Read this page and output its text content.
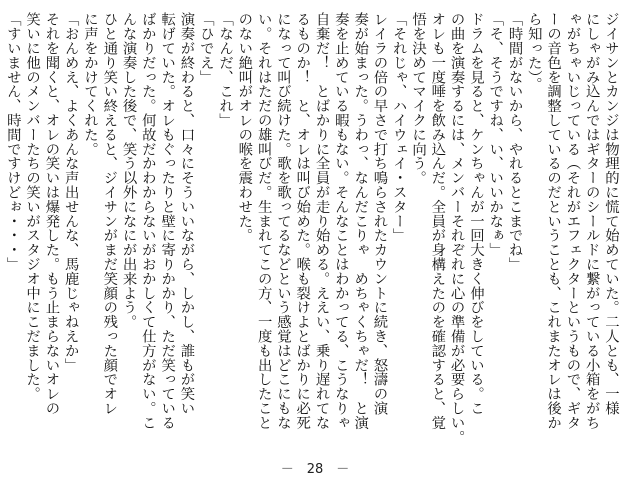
ジイサンとカンジは物理的に慌て始めていた。二人とも、一様
にしゃがみ込んではギターのシールドに繋がっている小箱をがち
ゃがちゃいじっている（それがエフェクターというもので、ギタ
ーの音色を調整しているのだということも、これまたオレは後か
ら知った）。
「時間がないから、やれるとこまでね」
「そ、そうですね、い、いいかなぁ」
ドラムを見ると、ケンちゃんが一回大きく伸びをしている。こ
の曲を演奏するには、メンバーそれぞれに心の準備が必要らしい。
オレも一度唾を飲み込んだ。全員が身構えたのを確認すると、覚
悟を決めてマイクに向う。
「それじゃ、ハイウェイ・スター」
レイラの倍の早さで打ち鳴らされたカウントに続き、怒濤の演
奏が始まった。うわっ、なんだこりゃ　めちゃくちゃだ！　と演
奏を止めている暇もない。そんなことはわかってる、こうなりゃ
自棄だ！　とばかりに全員が走り始める。ええい、乗り遅れてな
るものか！　と、オレは叫び始めた。喉も裂けよとばかりに必死
になって叫び続けた。歌を歌ってるなどという感覚はどこにもな
い。それはただの雄叫びだ。生まれてこの方、一度も出したこと
のない絶叫がオレの喉を震わせた。
「なんだ、これ」
「ひでえ」
演奏が終わると、口々にそういいながら、しかし、誰もが笑い
転げていた。オレもぐったりと壁に寄りかかり、ただ笑っている
ばかりだった。何故だかわからないがおかしくて仕方がない。こ
んな演奏した後で、笑う以外になにが出来よう。
ひと通り笑い終えると、ジイサンがまだ笑顔の残った顔でオレ
に声をかけてくれた。
「おんめえ、よくあんな声出せんな、馬鹿じゃねえか」
それを聞くと、オレの笑いは爆発した。もう止まらないオレの
笑いに他のメンバーたちの笑いがスタジオ中にこだました。
「すいません、時間ですけどぉ・・・」
－　28　－
